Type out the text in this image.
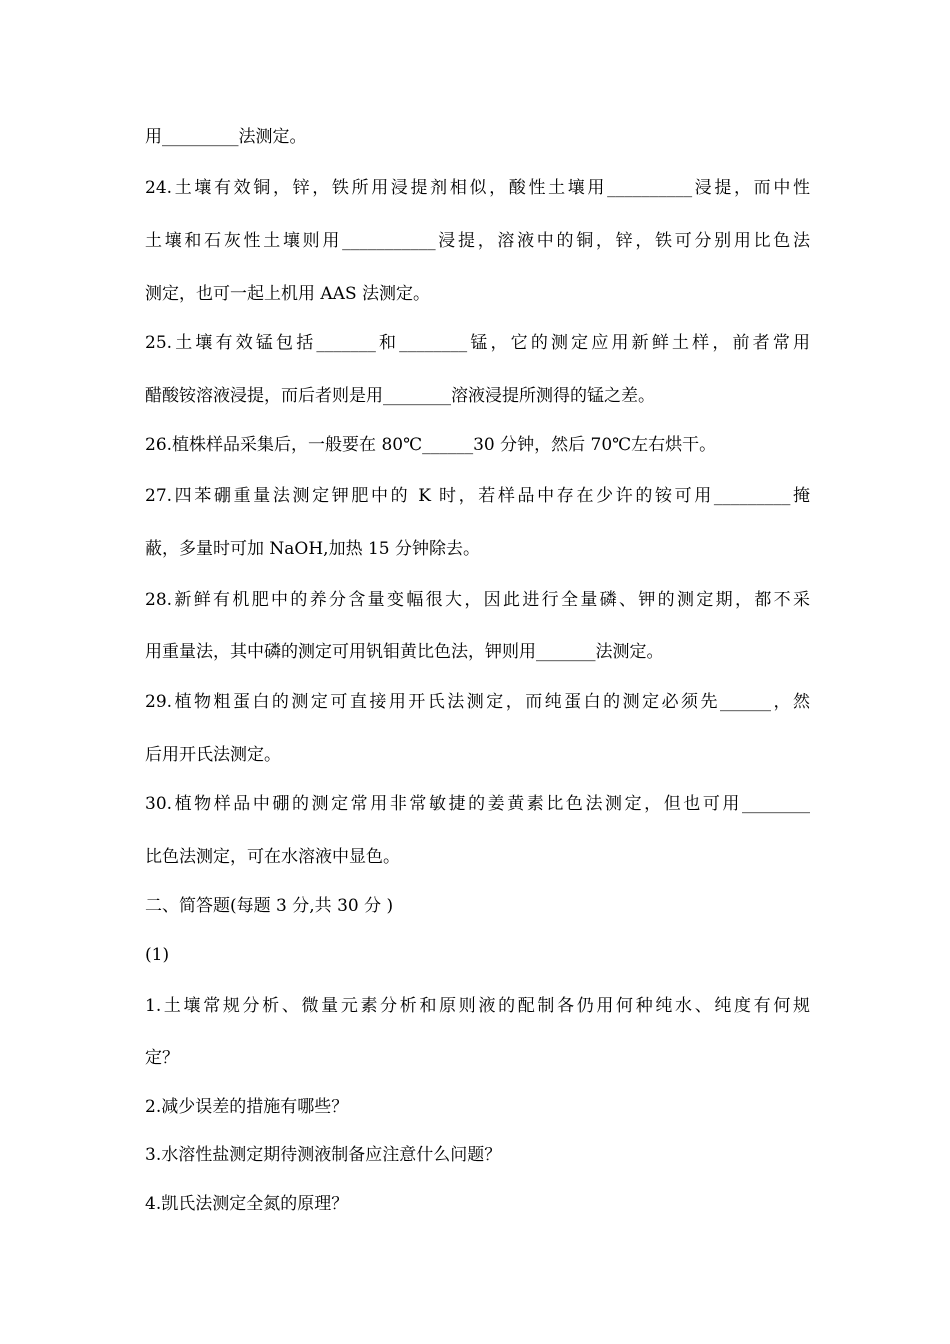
用_________法测定。
24.土壤有效铜，锌，铁所用浸提剂相似，酸性土壤用__________浸提，而中性
土壤和石灰性土壤则用___________浸提，溶液中的铜，锌，铁可分别用比色法
测定，也可一起上机用 AAS 法测定。
25.土壤有效锰包括_______和________锰，它的测定应用新鲜土样，前者常用
醋酸铵溶液浸提，而后者则是用________溶液浸提所测得的锰之差。
26.植株样品采集后，一般要在 80℃______30 分钟，然后 70℃左右烘干。
27.四苯硼重量法测定钾肥中的 K 时，若样品中存在少许的铵可用_________掩
蔽，多量时可加 NaOH,加热 15 分钟除去。
28.新鲜有机肥中的养分含量变幅很大，因此进行全量磷、钾的测定期，都不采
用重量法，其中磷的测定可用钒钼黄比色法，钾则用_______法测定。
29.植物粗蛋白的测定可直接用开氏法测定，而纯蛋白的测定必须先______，然
后用开氏法测定。
30.植物样品中硼的测定常用非常敏捷的姜黄素比色法测定，但也可用________
比色法测定，可在水溶液中显色。
二、简答题(每题 3 分,共 30 分 )
(1)
1.土壤常规分析、微量元素分析和原则液的配制各仍用何种纯水、纯度有何规
定？
2.减少误差的措施有哪些？
3.水溶性盐测定期待测液制备应注意什么问题？
4.凯氏法测定全氮的原理？
